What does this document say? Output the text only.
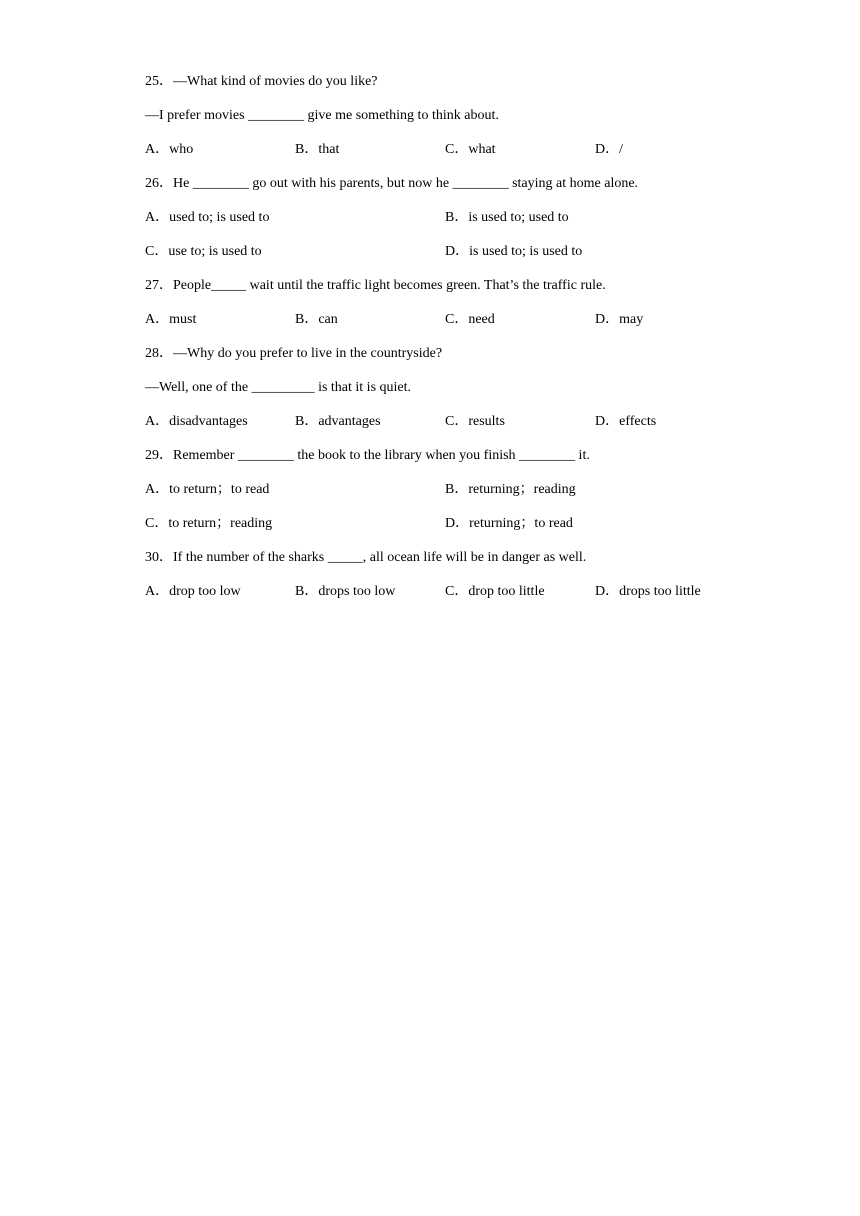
25．—What kind of movies do you like?
—I prefer movies ________ give me something to think about.
A．who	B．that	C．what	D．/
26．He ________ go out with his parents, but now he ________ staying at home alone.
A．used to; is used to	B．is used to; used to
C．use to; is used to	D．is used to; is used to
27．People_____ wait until the traffic light becomes green. That’s the traffic rule.
A．must	B．can	C．need	D．may
28．—Why do you prefer to live in the countryside?
—Well, one of the _________ is that it is quiet.
A．disadvantages	B．advantages	C．results	D．effects
29．Remember ________ the book to the library when you finish ________ it.
A．to return；to read	B．returning；reading
C．to return；reading	D．returning；to read
30．If the number of the sharks _____, all ocean life will be in danger as well.
A．drop too low	B．drops too low	C．drop too little	D．drops too little
